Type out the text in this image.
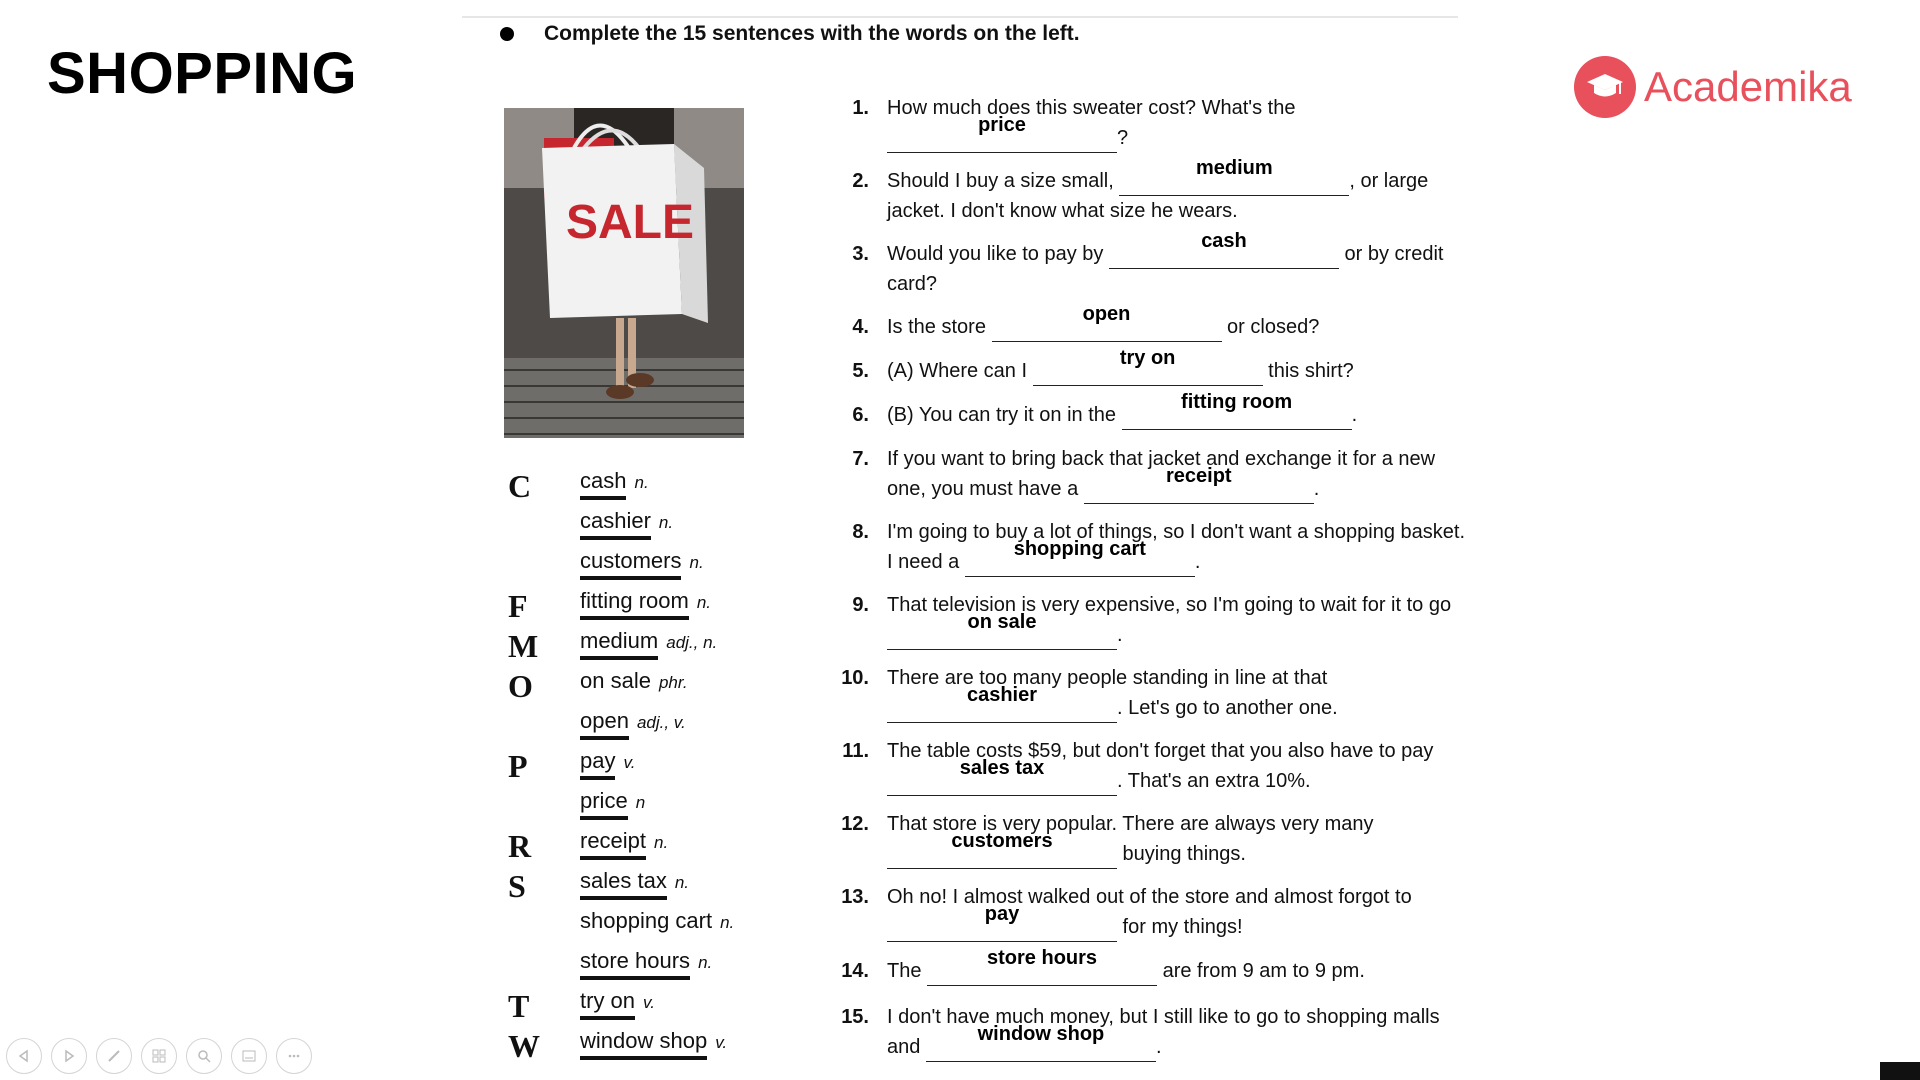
SHOPPING	Academika
Complete the 15 sentences with the words on the left.
SALE
C	cash n.
cashier n.
customers n.
F	fitting room n.
M	medium adj., n.
O	on sale phr.
open adj., v.
P	pay v.
price n
R	receipt n.
S	sales tax n.
shopping cart n.
store hours n.
T	try on v.
W	window shop v.
1. How much does this sweater cost? What's the
price
?
2. Should I buy a size small,
medium
, or large jacket. I don't know what size he wears.
3. Would you like to pay by
cash
or by credit card?
4. Is the store
open
or closed?
5. (A) Where can I
try on
this shirt?
6. (B) You can try it on in the
fitting room
.
7. If you want to bring back that jacket and exchange it for a new one, you must have a
receipt
.
8. I'm going to buy a lot of things, so I don't want a shopping basket. I need a
shopping cart
.
9. That television is very expensive, so I'm going to wait for it to go
on sale
.
10. There are too many people standing in line at that
cashier
. Let's go to another one.
11. The table costs $59, but don't forget that you also have to pay
sales tax
. That's an extra 10%.
12. That store is very popular. There are always very many
customers
buying things.
13. Oh no! I almost walked out of the store and almost forgot to
pay
for my things!
14. The
store hours
are from 9 am to 9 pm.
15. I don't have much money, but I still like to go to shopping malls and
window shop
.
